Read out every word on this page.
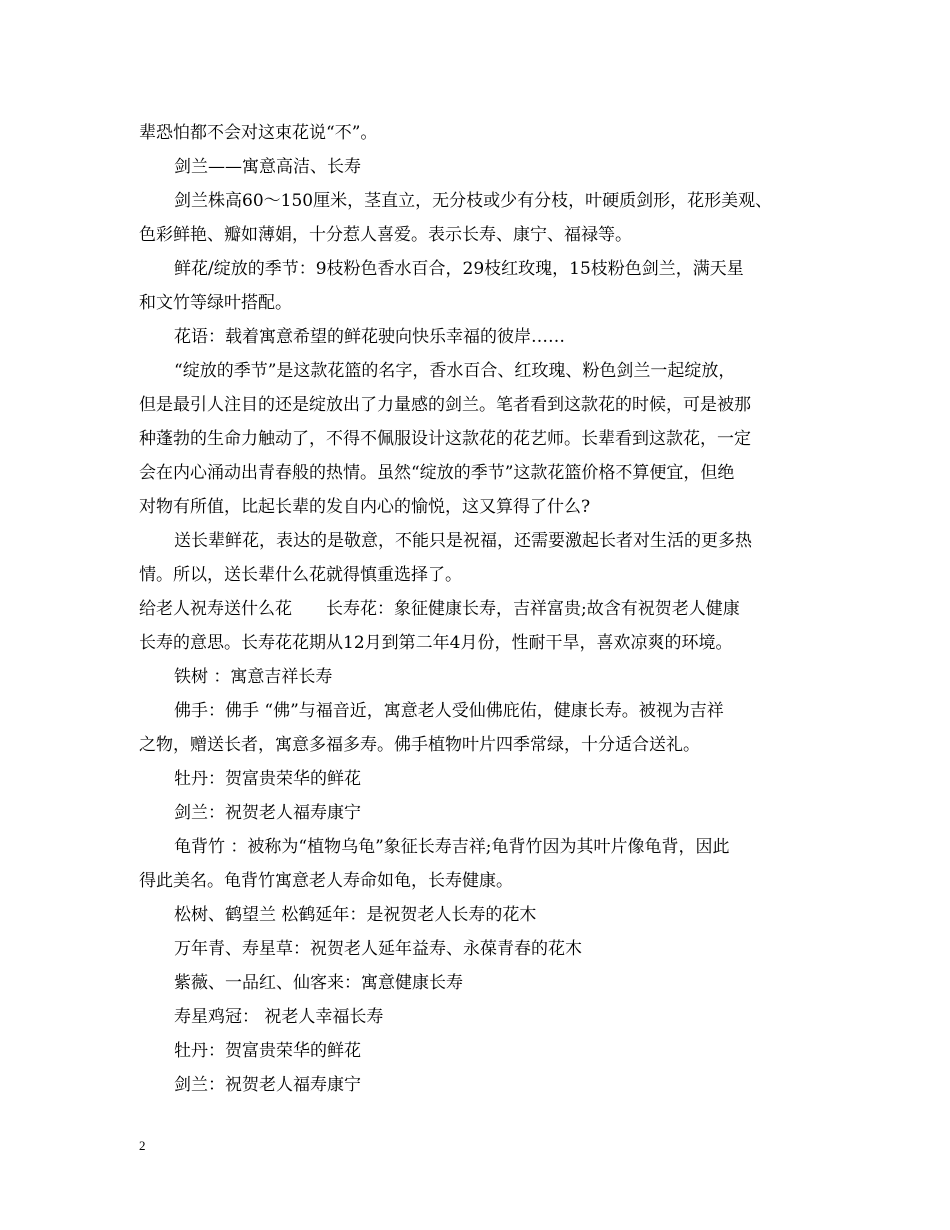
辈恐怕都不会对这束花说“不”。
剑兰——寓意高洁、长寿
剑兰株高60～150厘米，茎直立，无分枝或少有分枝，叶硬质剑形，花形美观、
色彩鲜艳、瓣如薄娟，十分惹人喜爱。表示长寿、康宁、福禄等。
鲜花/绽放的季节：9枝粉色香水百合，29枝红玫瑰，15枝粉色剑兰，满天星
和文竹等绿叶搭配。
花语：载着寓意希望的鲜花驶向快乐幸福的彼岸……
“绽放的季节”是这款花篮的名字，香水百合、红玫瑰、粉色剑兰一起绽放，
但是最引人注目的还是绽放出了力量感的剑兰。笔者看到这款花的时候，可是被那
种蓬勃的生命力触动了，不得不佩服设计这款花的花艺师。长辈看到这款花，一定
会在内心涌动出青春般的热情。虽然“绽放的季节”这款花篮价格不算便宜，但绝
对物有所值，比起长辈的发自内心的愉悦，这又算得了什么?
送长辈鲜花，表达的是敬意，不能只是祝福，还需要激起长者对生活的更多热
情。所以，送长辈什么花就得慎重选择了。
给老人祝寿送什么花　　长寿花：象征健康长寿，吉祥富贵;故含有祝贺老人健康
长寿的意思。长寿花花期从12月到第二年4月份，性耐干旱，喜欢凉爽的环境。
铁树 ：寓意吉祥长寿
佛手：佛手 “佛”与福音近，寓意老人受仙佛庇佑，健康长寿。被视为吉祥
之物，赠送长者，寓意多福多寿。佛手植物叶片四季常绿，十分适合送礼。
牡丹：贺富贵荣华的鲜花
剑兰：祝贺老人福寿康宁
龟背竹 ：被称为“植物乌龟”象征长寿吉祥;龟背竹因为其叶片像龟背，因此
得此美名。龟背竹寓意老人寿命如龟，长寿健康。
松树、鹤望兰 松鹤延年：是祝贺老人长寿的花木
万年青、寿星草：祝贺老人延年益寿、永葆青春的花木
紫薇、一品红、仙客来：寓意健康长寿
寿星鸡冠： 祝老人幸福长寿
牡丹：贺富贵荣华的鲜花
剑兰：祝贺老人福寿康宁
2
